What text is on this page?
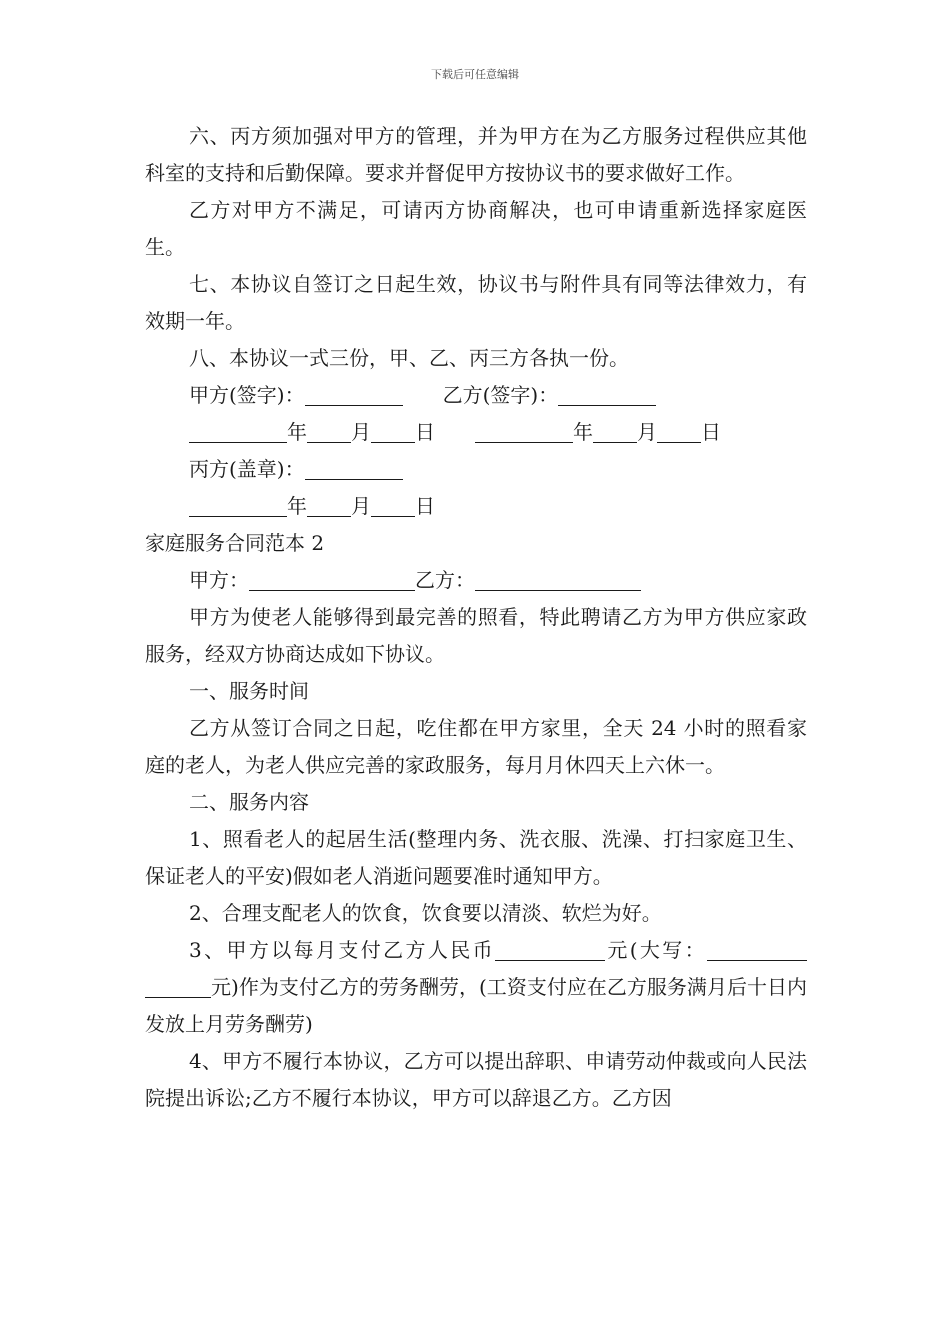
下载后可任意编辑

六、丙方须加强对甲方的管理，并为甲方在为乙方服务过程供应其他科室的支持和后勤保障。要求并督促甲方按协议书的要求做好工作。

乙方对甲方不满足，可请丙方协商解决，也可申请重新选择家庭医生。

七、本协议自签订之日起生效，协议书与附件具有同等法律效力，有效期一年。

八、本协议一式三份，甲、乙、丙三方各执一份。

甲方(签字)：	乙方(签字)：
年 月 日	年 月 日
丙方(盖章)：
年 月 日

家庭服务合同范本 2

甲方：	乙方：

甲方为使老人能够得到最完善的照看，特此聘请乙方为甲方供应家政服务，经双方协商达成如下协议。

一、服务时间

乙方从签订合同之日起，吃住都在甲方家里，全天 24 小时的照看家庭的老人，为老人供应完善的家政服务，每月月休四天上六休一。

二、服务内容

1、照看老人的起居生活(整理内务、洗衣服、洗澡、打扫家庭卫生、保证老人的平安)假如老人消逝问题要准时通知甲方。

2、合理支配老人的饮食，饮食要以清淡、软烂为好。

3、甲方以每月支付乙方人民币	元(大写：元)作为支付乙方的劳务酬劳，(工资支付应在乙方服务满月后十日内发放上月劳务酬劳)

4、甲方不履行本协议，乙方可以提出辞职、申请劳动仲裁或向人民法院提出诉讼;乙方不履行本协议，甲方可以辞退乙方。乙方因
